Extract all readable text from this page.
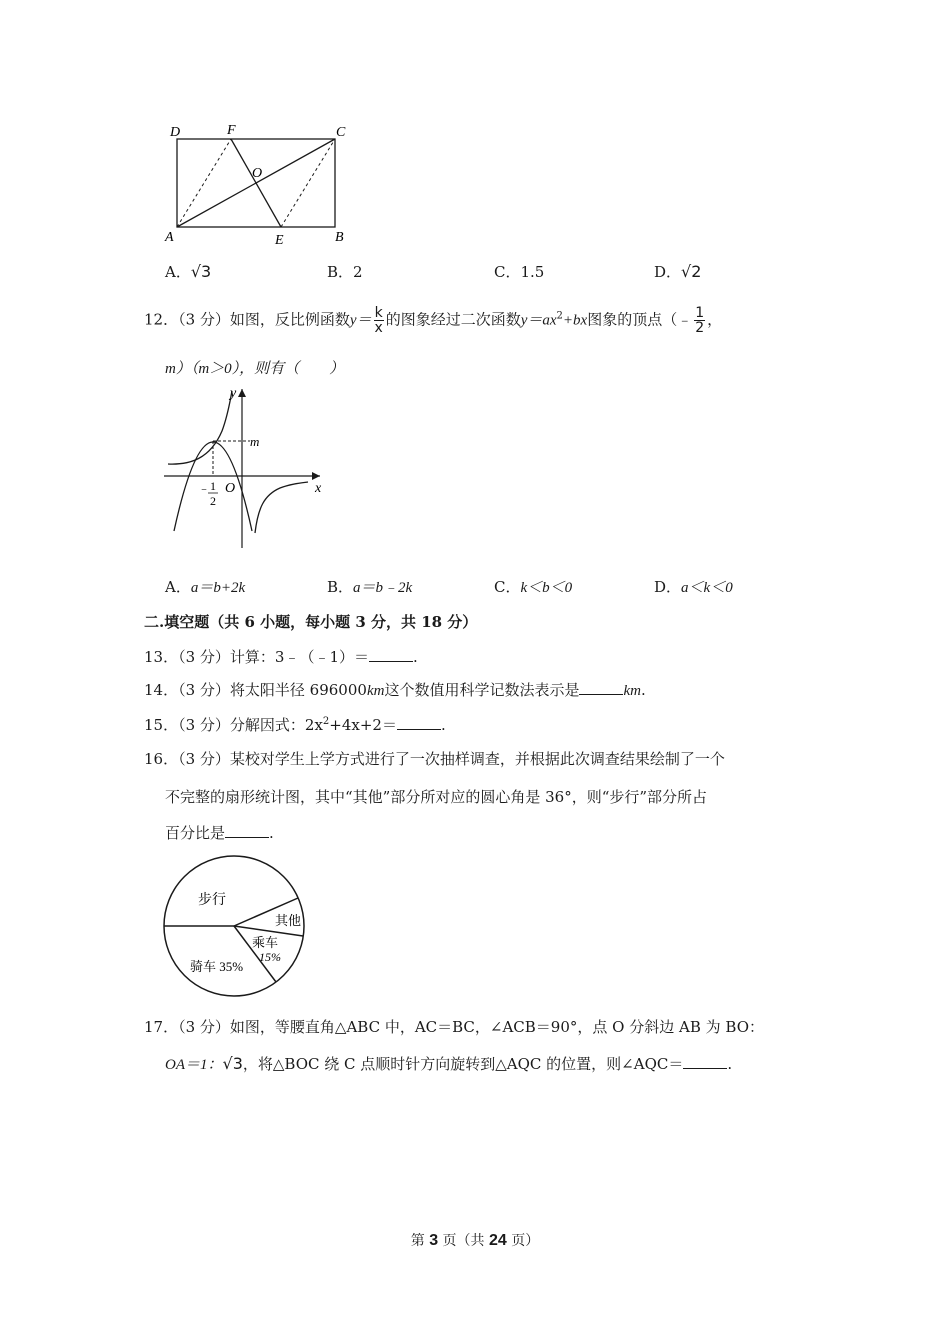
D	F	C
O
A	E	B
A．√3	B．2	C．1.5	D．√2
12．（3 分）如图，反比例函数$y= \frac{k}{x}$ 的图象经过二次函数$y=ax^2+bx$图象的顶点（﹣ $\frac{1}{2}$ ，
m）（m＞0），则有（　　）
y
m
x
O
﹣ 1
2
A．a＝b+2k	B．a＝b﹣2k	C．k＜b＜0	D．a＜k＜0
二.填空题（共 6 小题，每小题 3 分，共 18 分）
13．（3 分）计算：3﹣（﹣1）＝	.
14．（3 分）将太阳半径 696000km这个数值用科学记数法表示是	km.
15．（3 分）分解因式：$2x^2+4x+2=$	.
16．（3 分）某校对学生上学方式进行了一次抽样调查，并根据此次调查结果绘制了一个
不完整的扇形统计图，其中“其他”部分所对应的圆心角是 36°，则“步行”部分所占
百分比是	.
步行
其他
乘车
15%
骑车 35%
17．（3 分）如图，等腰直角△ABC 中，AC＝BC，∠ACB＝90°，点 O 分斜边 AB 为 BO：
OA＝1：√3，将△BOC 绕 C 点顺时针方向旋转到△AQC 的位置，则∠AQC＝	.
第 3 页（共 24 页）
